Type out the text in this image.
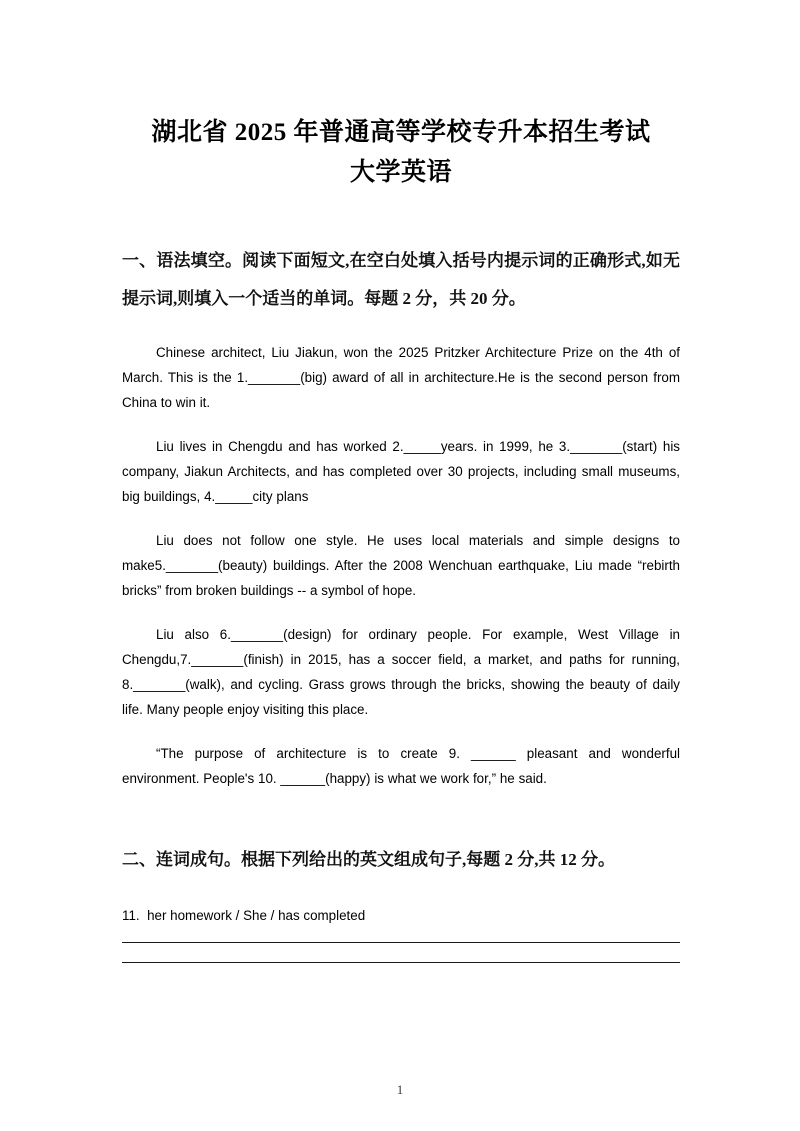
湖北省 2025 年普通高等学校专升本招生考试
大学英语
一、语法填空。阅读下面短文,在空白处填入括号内提示词的正确形式,如无提示词,则填入一个适当的单词。每题 2 分，共 20 分。

Chinese architect, Liu Jiakun, won the 2025 Pritzker Architecture Prize on the 4th of March. This is the 1._______(big) award of all in architecture.He is the second person from China to win it.

Liu lives in Chengdu and has worked 2._____years. in 1999, he 3._______(start) his company, Jiakun Architects, and has completed over 30 projects, including small museums, big buildings, 4._____city plans

Liu does not follow one style. He uses local materials and simple designs to make5._______(beauty) buildings. After the 2008 Wenchuan earthquake, Liu made “rebirth bricks” from broken buildings -- a symbol of hope.

Liu also 6._______(design) for ordinary people. For example, West Village in Chengdu,7._______(finish) in 2015, has a soccer field, a market, and paths for running, 8._______(walk), and cycling. Grass grows through the bricks, showing the beauty of daily life. Many people enjoy visiting this place.

“The purpose of architecture is to create 9. ______ pleasant and wonderful environment. People's 10. ______(happy) is what we work for,” he said.

二、连词成句。根据下列给出的英文组成句子,每题 2 分,共 12 分。
11. her homework / She / has completed
1
